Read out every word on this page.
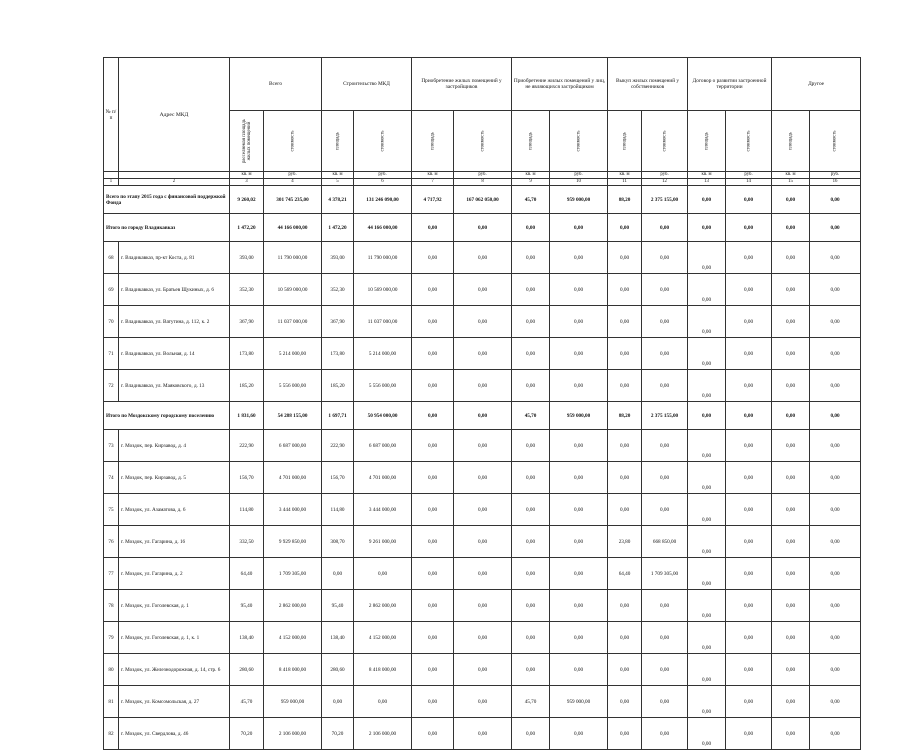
№ п/п	Адрес МКД	Всего		Строительство МКД		Приобретение жилых помещений у застройщиков		Приобретение жилых помещений у лиц, не являющихся застройщиком		Выкуп жилых помещений у собственников		Договор о развитии застроенной территории		Другое	

		расселяемая площадь жилых помещений	стоимость	площадь	стоимость	площадь	стоимость	площадь	стоимость	площадь	стоимость	площадь	стоимость	площадь	стоимость

		кв. м	руб.	кв. м	руб.	кв. м	руб.	кв. м	руб.	кв. м	руб.	кв. м	руб.	кв. м	руб.
1	2	3	4	5	6	7	8	9	10	11	12	13	14	15	16
Всего по этапу 2015 года с финансовой поддержкой Фонда		9 260,02	301 745 235,00	4 378,21	131 246 090,00	4 717,92	167 062 050,00	45,70	959 000,00	88,20	2 375 155,00	0,00	0,00	0,00	0,00
Итого по городу Владикавказ		1 472,20	44 166 000,00	1 472,20	44 166 000,00	0,00	0,00	0,00	0,00	0,00	0,00	0,00	0,00	0,00	0,00
68	г. Владикавказ, пр-кт Коста, д. 81	393,00	11 790 000,00	393,00	11 790 000,00	0,00	0,00	0,00	0,00	0,00	0,00	0,00	0,00	0,00	0,00
69	г. Владикавказ, ул. Братьев Щукиных, д. 6	352,30	10 569 000,00	352,30	10 569 000,00	0,00	0,00	0,00	0,00	0,00	0,00	0,00	0,00	0,00	0,00
70	г. Владикавказ, ул. Ватутина, д. 112, к. 2	367,90	11 037 000,00	367,90	11 037 000,00	0,00	0,00	0,00	0,00	0,00	0,00	0,00	0,00	0,00	0,00
71	г. Владикавказ, ул. Вольная, д. 14	173,80	5 214 000,00	173,80	5 214 000,00	0,00	0,00	0,00	0,00	0,00	0,00	0,00	0,00	0,00	0,00
72	г. Владикавказ, ул. Маяковского, д. 13	185,20	5 556 000,00	185,20	5 556 000,00	0,00	0,00	0,00	0,00	0,00	0,00	0,00	0,00	0,00	0,00
Итого по Моздокскому городскому поселению		1 831,60	54 288 155,00	1 697,71	50 954 000,00	0,00	0,00	45,70	959 000,00	88,20	2 375 155,00	0,00	0,00	0,00	0,00
73	г. Моздок, пер. Кирзавод, д. 4	222,90	6 687 000,00	222,90	6 687 000,00	0,00	0,00	0,00	0,00	0,00	0,00	0,00	0,00	0,00	0,00
74	г. Моздок, пер. Кирзавод, д. 5	156,70	4 701 000,00	156,70	4 701 000,00	0,00	0,00	0,00	0,00	0,00	0,00	0,00	0,00	0,00	0,00
75	г. Моздок, ул. Азаматова, д. 6	114,80	3 444 000,00	114,80	3 444 000,00	0,00	0,00	0,00	0,00	0,00	0,00	0,00	0,00	0,00	0,00
76	г. Моздок, ул. Гагарина, д. 16	332,50	9 929 850,00	308,70	9 261 000,00	0,00	0,00	0,00	0,00	23,80	668 850,00	0,00	0,00	0,00	0,00
77	г. Моздок, ул. Гагарина, д. 2	64,40	1 709 305,00	0,00	0,00	0,00	0,00	0,00	0,00	64,40	1 709 305,00	0,00	0,00	0,00	0,00
78	г. Моздок, ул. Гоголевская, д. 1	95,40	2 862 000,00	95,40	2 862 000,00	0,00	0,00	0,00	0,00	0,00	0,00	0,00	0,00	0,00	0,00
79	г. Моздок, ул. Гоголевская, д. 1, к. 1	138,40	4 152 000,00	138,40	4 152 000,00	0,00	0,00	0,00	0,00	0,00	0,00	0,00	0,00	0,00	0,00
80	г. Моздок, ул. Железнодорожная, д. 14, стр. 6	280,60	8 418 000,00	280,60	8 418 000,00	0,00	0,00	0,00	0,00	0,00	0,00	0,00	0,00	0,00	0,00
81	г. Моздок, ул. Комсомольская, д. 27	45,70	959 000,00	0,00	0,00	0,00	0,00	45,70	959 000,00	0,00	0,00	0,00	0,00	0,00	0,00
82	г. Моздок, ул. Свердлова, д. 46	70,20	2 106 000,00	70,20	2 106 000,00	0,00	0,00	0,00	0,00	0,00	0,00	0,00	0,00	0,00	0,00
